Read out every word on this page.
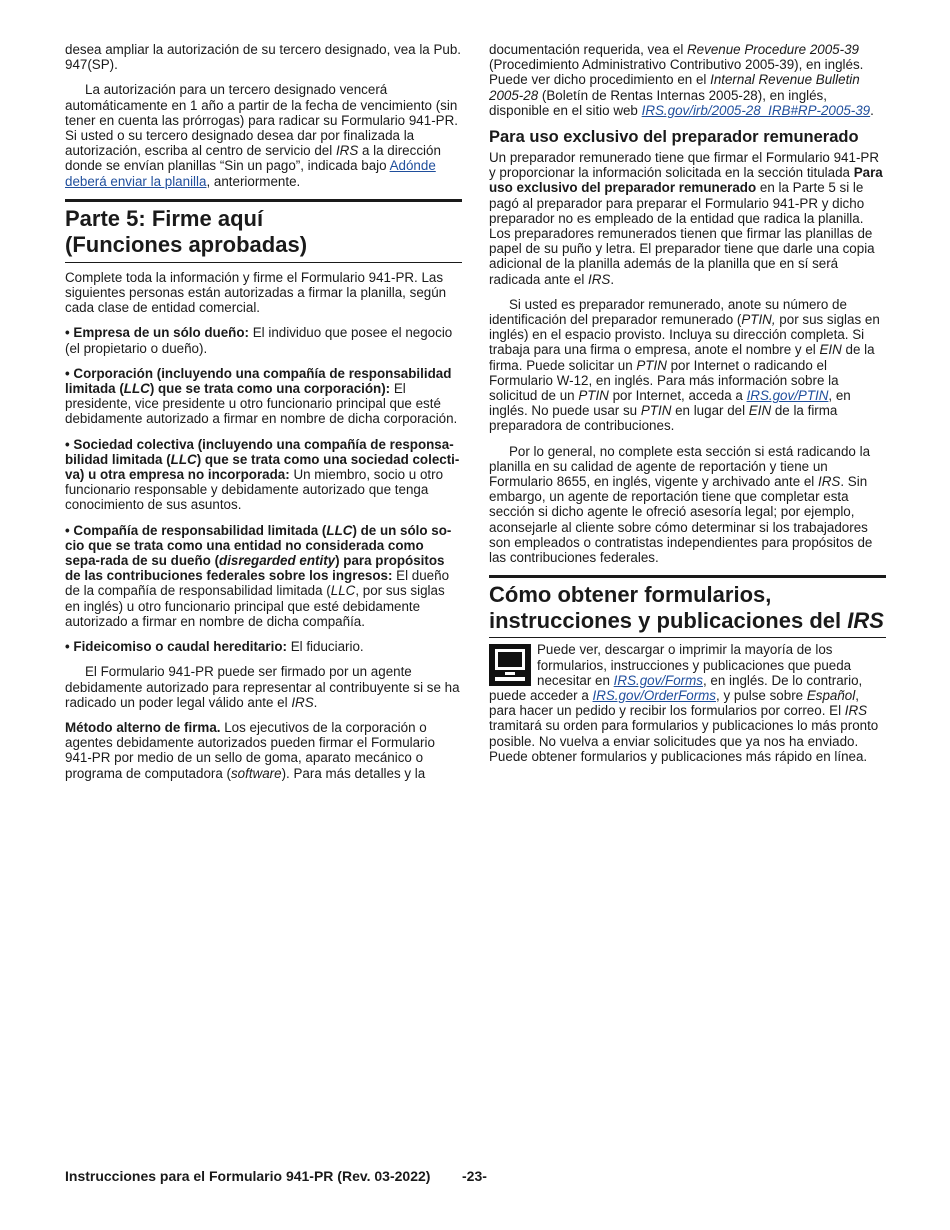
desea ampliar la autorización de su tercero designado, vea la Pub. 947(SP).

La autorización para un tercero designado vencerá automáticamente en 1 año a partir de la fecha de vencimiento (sin tener en cuenta las prórrogas) para radicar su Formulario 941-PR. Si usted o su tercero designado desea dar por finalizada la autorización, escriba al centro de servicio del IRS a la dirección donde se envían planillas “Sin un pago”, indicada bajo Adónde deberá enviar la planilla, anteriormente.

Parte 5: Firme aquí
(Funciones aprobadas)

Complete toda la información y firme el Formulario 941-PR. Las siguientes personas están autorizadas a firmar la planilla, según cada clase de entidad comercial.

• Empresa de un sólo dueño: El individuo que posee el negocio (el propietario o dueño).

• Corporación (incluyendo una compañía de responsabilidad limitada (LLC) que se trata como una corporación): El presidente, vice presidente u otro funcionario principal que esté debidamente autorizado a firmar en nombre de dicha corporación.

• Sociedad colectiva (incluyendo una compañía de responsa-bilidad limitada (LLC) que se trata como una sociedad colecti-va) u otra empresa no incorporada: Un miembro, socio u otro funcionario responsable y debidamente autorizado que tenga conocimiento de sus asuntos.

• Compañía de responsabilidad limitada (LLC) de un sólo so-cio que se trata como una entidad no considerada como sepa-rada de su dueño (disregarded entity) para propósitos de las contribuciones federales sobre los ingresos: El dueño de la compañía de responsabilidad limitada (LLC, por sus siglas en inglés) u otro funcionario principal que esté debidamente autorizado a firmar en nombre de dicha compañía.

• Fideicomiso o caudal hereditario: El fiduciario.

El Formulario 941-PR puede ser firmado por un agente debidamente autorizado para representar al contribuyente si se ha radicado un poder legal válido ante el IRS.

Método alterno de firma. Los ejecutivos de la corporación o agentes debidamente autorizados pueden firmar el Formulario 941-PR por medio de un sello de goma, aparato mecánico o programa de computadora (software). Para más detalles y la

documentación requerida, vea el Revenue Procedure 2005-39 (Procedimiento Administrativo Contributivo 2005-39), en inglés. Puede ver dicho procedimiento en el Internal Revenue Bulletin 2005-28 (Boletín de Rentas Internas 2005-28), en inglés, disponible en el sitio web IRS.gov/irb/2005-28_IRB#RP-2005-39.

Para uso exclusivo del preparador remunerado

Un preparador remunerado tiene que firmar el Formulario 941-PR y proporcionar la información solicitada en la sección titulada Para uso exclusivo del preparador remunerado en la Parte 5 si le pagó al preparador para preparar el Formulario 941-PR y dicho preparador no es empleado de la entidad que radica la planilla. Los preparadores remunerados tienen que firmar las planillas de papel de su puño y letra. El preparador tiene que darle una copia adicional de la planilla además de la planilla que en sí será radicada ante el IRS.

Si usted es preparador remunerado, anote su número de identificación del preparador remunerado (PTIN, por sus siglas en inglés) en el espacio provisto. Incluya su dirección completa. Si trabaja para una firma o empresa, anote el nombre y el EIN de la firma. Puede solicitar un PTIN por Internet o radicando el Formulario W-12, en inglés. Para más información sobre la solicitud de un PTIN por Internet, acceda a IRS.gov/PTIN, en inglés. No puede usar su PTIN en lugar del EIN de la firma preparadora de contribuciones.

Por lo general, no complete esta sección si está radicando la planilla en su calidad de agente de reportación y tiene un Formulario 8655, en inglés, vigente y archivado ante el IRS. Sin embargo, un agente de reportación tiene que completar esta sección si dicho agente le ofreció asesoría legal; por ejemplo, aconsejarle al cliente sobre cómo determinar si los trabajadores son empleados o contratistas independientes para propósitos de las contribuciones federales.

Cómo obtener formularios,
instrucciones y publicaciones del IRS

Puede ver, descargar o imprimir la mayoría de los formularios, instrucciones y publicaciones que pueda necesitar en IRS.gov/Forms, en inglés. De lo contrario, puede acceder a IRS.gov/OrderForms, y pulse sobre Español, para hacer un pedido y recibir los formularios por correo. El IRS tramitará su orden para formularios y publicaciones lo más pronto posible. No vuelva a enviar solicitudes que ya nos ha enviado. Puede obtener formularios y publicaciones más rápido en línea.

Instrucciones para el Formulario 941-PR (Rev. 03-2022) -23-
